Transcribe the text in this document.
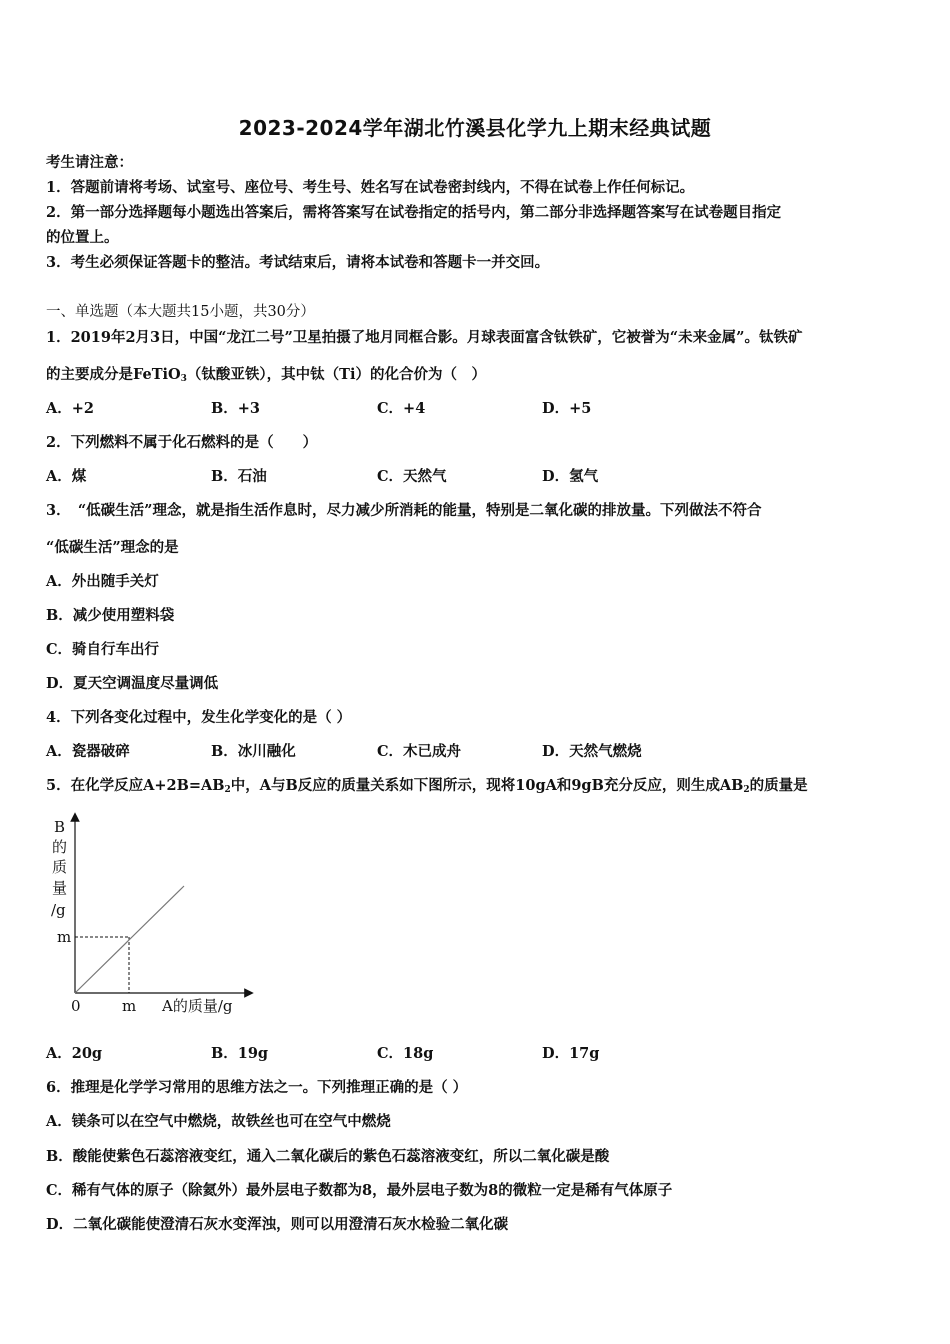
2023-2024学年湖北竹溪县化学九上期末经典试题
考生请注意：
1．答题前请将考场、试室号、座位号、考生号、姓名写在试卷密封线内，不得在试卷上作任何标记。
2．第一部分选择题每小题选出答案后，需将答案写在试卷指定的括号内，第二部分非选择题答案写在试卷题目指定
的位置上。
3．考生必须保证答题卡的整洁。考试结束后，请将本试卷和答题卡一并交回。
一、单选题（本大题共15小题，共30分）
1．2019年2月3日，中国“龙江二号”卫星拍摄了地月同框合影。月球表面富含钛铁矿，它被誉为“未来金属”。钛铁矿
的主要成分是FeTiO$_3$（钛酸亚铁），其中钛（Ti）的化合价为（　）
A．+2	B．+3	C．+4	D．+5
2．下列燃料不属于化石燃料的是（　　）
A．煤	B．石油	C．天然气	D．氢气
3．　“低碳生活”理念，就是指生活作息时，尽力减少所消耗的能量，特别是二氧化碳的排放量。下列做法不符合
“低碳生活”理念的是
A．外出随手关灯
B．减少使用塑料袋
C．骑自行车出行
D．夏天空调温度尽量调低
4．下列各变化过程中，发生化学变化的是（ ）
A．瓷器破碎	B．冰川融化	C．木已成舟	D．天然气燃烧
5．在化学反应$A+2B=AB_2$中，A与B反应的质量关系如下图所示，现将10gA和9gB充分反应，则生成$AB_2$的质量是
B
的
质
量
/g
m
0	m A的质量/g
A．20g	B．19g	C．18g	D．17g
6．推理是化学学习常用的思维方法之一。下列推理正确的是（ ）
A．镁条可以在空气中燃烧，故铁丝也可在空气中燃烧
B．酸能使紫色石蕊溶液变红，通入二氧化碳后的紫色石蕊溶液变红，所以二氧化碳是酸
C．稀有气体的原子（除氦外）最外层电子数都为8，最外层电子数为8的微粒一定是稀有气体原子
D．二氧化碳能使澄清石灰水变浑浊，则可以用澄清石灰水检验二氧化碳
